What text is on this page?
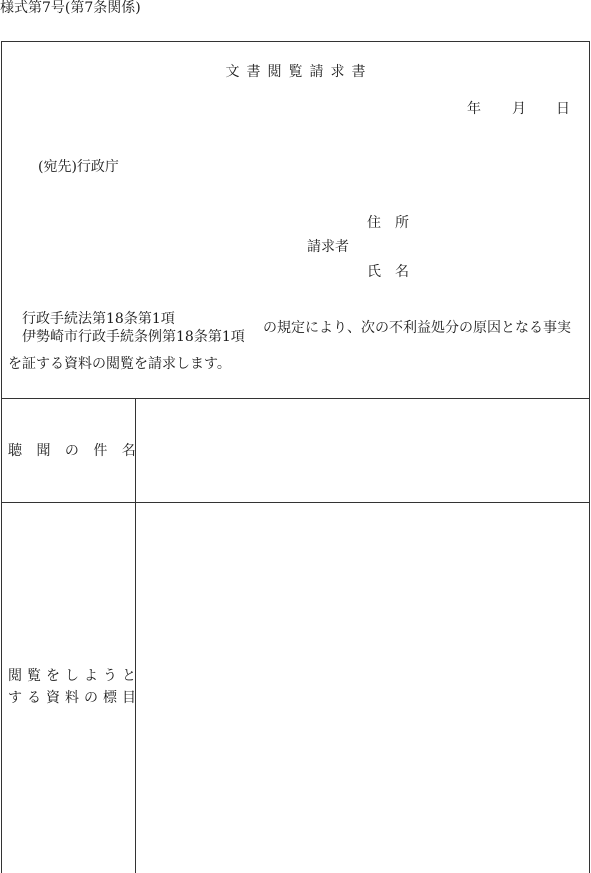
様式第7号(第7条関係)
文書閲覧請求書
年 月 日
(宛先)行政庁
住　所
請求者
氏　名
行政手続法第18条第1項
伊勢崎市行政手続条例第18条第1項
の規定により、次の不利益処分の原因となる事実
を証する資料の閲覧を請求します。
聴 聞 の 件 名
閲覧をしようと
する資料の標目
